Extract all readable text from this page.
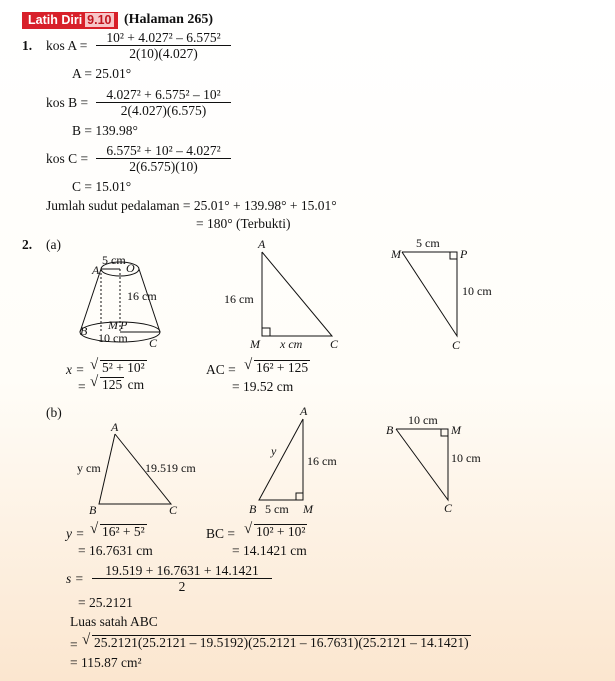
Latih Diri 9.10 (Halaman 265)
1. kos $A = \frac{\text{10² + 4.027² – 6.575²}}{2(10)(4.027)}$
A = 25.01°
kos $B = \frac{\text{4.027² + 6.575² – 10²}}{2(4.027)(6.575)}$
B = 139.98°
kos $C = \frac{\text{6.575² + 10² – 4.027²}}{2(6.575)(10)}$
C = 15.01°
Jumlah sudut pedalaman = 25.01° + 139.98° + 15.01°
= 180° (Terbukti)
2. (a)
5 cm
A O
16 cm
B M P
10 cm C
A
16 cm
M x cm C
5 cm
M	P
10 cm
C
x =	√ 5² + 10²
=	√ 125 cm
AC =	√ 16² + 125
= 19.52 cm
(b)
A
y cm	19.519 cm
B	C
A
y
16 cm
B 5 cm M
10 cm
B	M
10 cm
C
y =	√ 16² + 5²
= 16.7631 cm
BC =	√ 10² + 10²
= 14.1421 cm
$s = \frac{19.519 + 16.7631 + 14.1421}{2}$
= 25.2121
Luas satah ABC
=	√ 25.2121(25.2121 – 19.5192)(25.2121 – 16.7631)(25.2121 – 14.1421)
= 115.87 cm²
